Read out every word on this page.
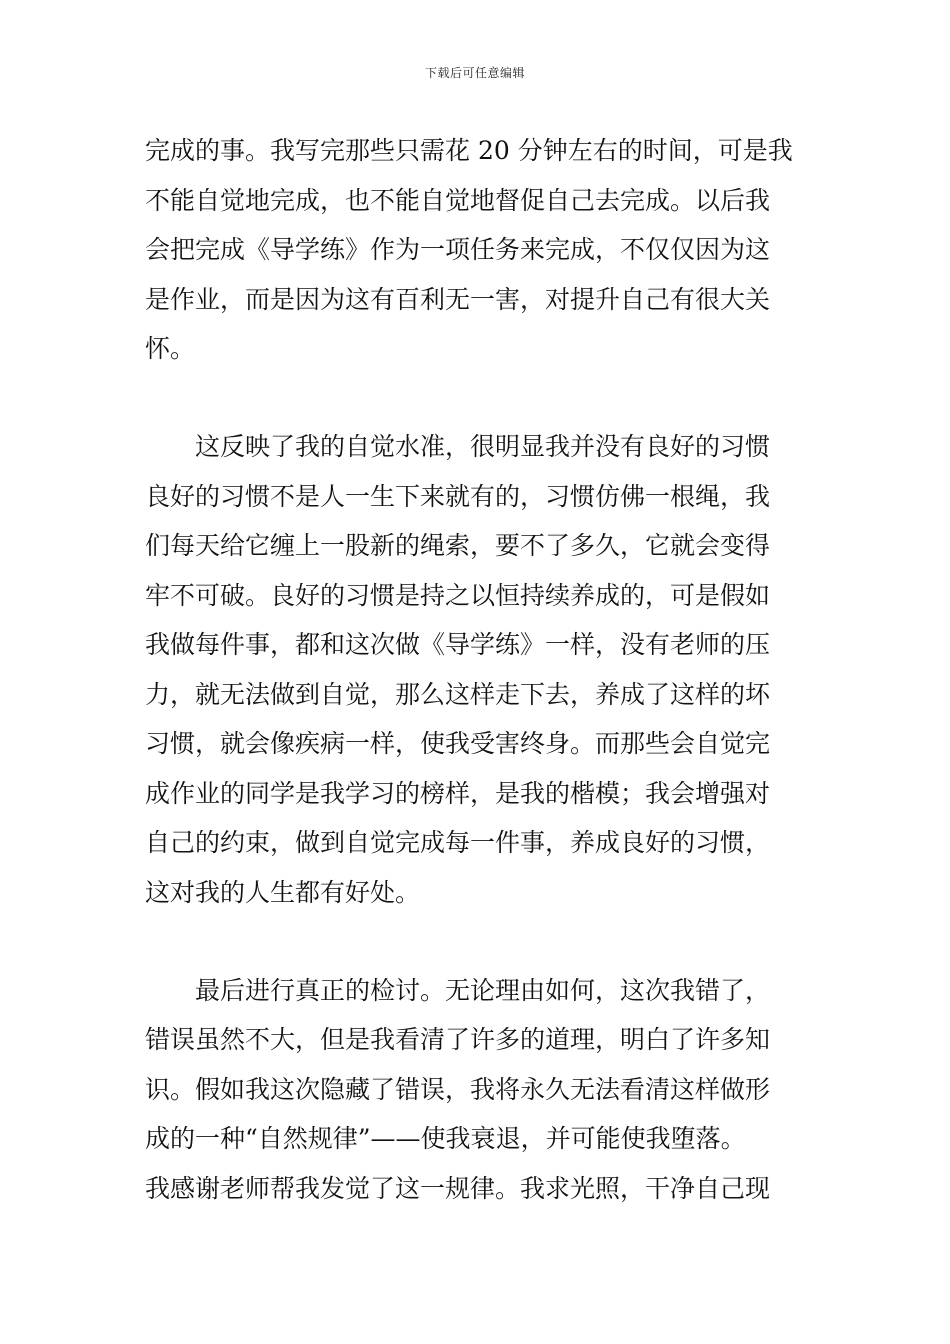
下载后可任意编辑
完成的事。我写完那些只需花 20 分钟左右的时间，可是我
不能自觉地完成，也不能自觉地督促自己去完成。以后我
会把完成《导学练》作为一项任务来完成，不仅仅因为这
是作业，而是因为这有百利无一害，对提升自己有很大关
怀。
　　这反映了我的自觉水准，很明显我并没有良好的习惯
良好的习惯不是人一生下来就有的，习惯仿佛一根绳，我
们每天给它缠上一股新的绳索，要不了多久，它就会变得
牢不可破。良好的习惯是持之以恒持续养成的，可是假如
我做每件事，都和这次做《导学练》一样，没有老师的压
力，就无法做到自觉，那么这样走下去，养成了这样的坏
习惯，就会像疾病一样，使我受害终身。而那些会自觉完
成作业的同学是我学习的榜样，是我的楷模；我会增强对
自己的约束，做到自觉完成每一件事，养成良好的习惯，
这对我的人生都有好处。
　　最后进行真正的检讨。无论理由如何，这次我错了，
错误虽然不大，但是我看清了许多的道理，明白了许多知
识。假如我这次隐藏了错误，我将永久无法看清这样做形
成的一种“自然规律”——使我衰退，并可能使我堕落。
我感谢老师帮我发觉了这一规律。我求光照，干净自己现
